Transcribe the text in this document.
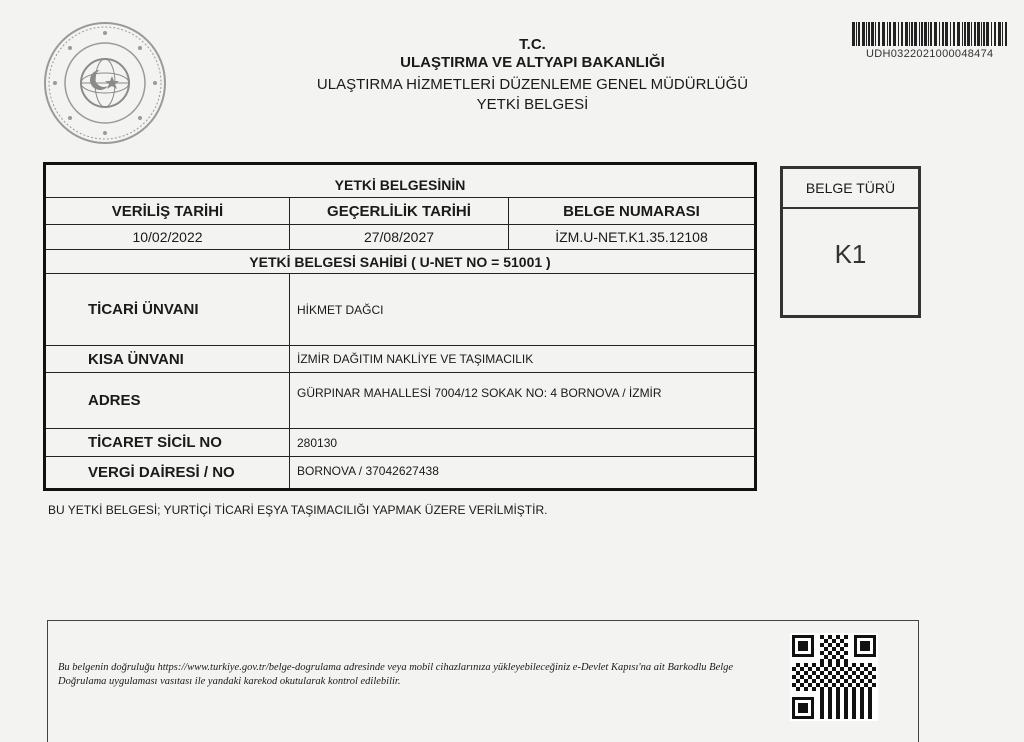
UDH0322021000048474
T.C.
ULAŞTIRMA VE ALTYAPI BAKANLIĞI
ULAŞTIRMA HİZMETLERİ DÜZENLEME GENEL MÜDÜRLÜĞÜ
YETKİ BELGESİ
YETKİ BELGESİNİN
VERİLİŞ TARİHİ	GEÇERLİLİK TARİHİ	BELGE NUMARASI
10/02/2022	27/08/2027	İZM.U-NET.K1.35.12108
YETKİ BELGESİ SAHİBİ ( U-NET NO = 51001 )
TİCARİ ÜNVANI	HİKMET DAĞCI
KISA ÜNVANI	İZMİR DAĞITIM NAKLİYE VE TAŞIMACILIK
ADRES	GÜRPINAR MAHALLESİ 7004/12 SOKAK NO: 4 BORNOVA / İZMİR
TİCARET SİCİL NO	280130
VERGİ DAİRESİ / NO	BORNOVA / 37042627438
BELGE TÜRÜ
K1
BU YETKİ BELGESİ; YURTİÇİ TİCARİ EŞYA TAŞIMACILIĞI YAPMAK ÜZERE VERİLMİŞTİR.
Bu belgenin doğruluğu https://www.turkiye.gov.tr/belge-dogrulama adresinde veya mobil cihazlarınıza yükleyebileceğiniz e-Devlet Kapısı'na ait Barkodlu Belge Doğrulama uygulaması vasıtası ile yandaki karekod okutularak kontrol edilebilir.
